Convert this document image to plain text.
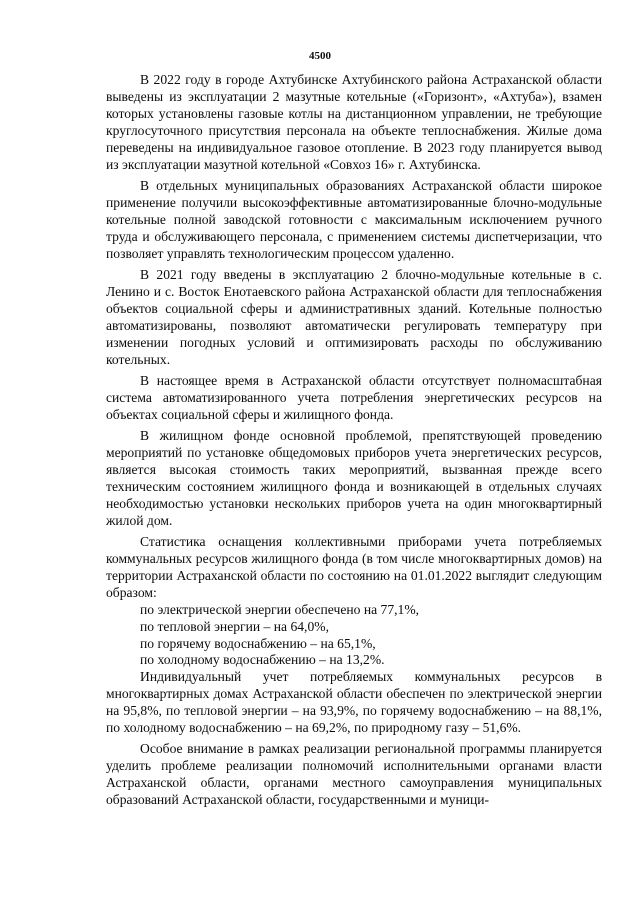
4500

В 2022 году в городе Ахтубинске Ахтубинского района Астраханской области выведены из эксплуатации 2 мазутные котельные («Горизонт», «Ахтуба»), взамен которых установлены газовые котлы на дистанционном управлении, не требующие круглосуточного присутствия персонала на объекте теплоснабжения. Жилые дома переведены на индивидуальное газовое отопление. В 2023 году планируется вывод из эксплуатации мазутной котельной «Совхоз 16» г. Ахтубинска.

В отдельных муниципальных образованиях Астраханской области широкое применение получили высокоэффективные автоматизированные блочно-модульные котельные полной заводской готовности с максимальным исключением ручного труда и обслуживающего персонала, с применением системы диспетчеризации, что позволяет управлять технологическим процессом удаленно.

В 2021 году введены в эксплуатацию 2 блочно-модульные котельные в с. Ленино и с. Восток Енотаевского района Астраханской области для теплоснабжения объектов социальной сферы и административных зданий. Котельные полностью автоматизированы, позволяют автоматически регулировать температуру при изменении погодных условий и оптимизировать расходы по обслуживанию котельных.

В настоящее время в Астраханской области отсутствует полномасштабная система автоматизированного учета потребления энергетических ресурсов на объектах социальной сферы и жилищного фонда.

В жилищном фонде основной проблемой, препятствующей проведению мероприятий по установке общедомовых приборов учета энергетических ресурсов, является высокая стоимость таких мероприятий, вызванная прежде всего техническим состоянием жилищного фонда и возникающей в отдельных случаях необходимостью установки нескольких приборов учета на один многоквартирный жилой дом.

Статистика оснащения коллективными приборами учета потребляемых коммунальных ресурсов жилищного фонда (в том числе многоквартирных домов) на территории Астраханской области по состоянию на 01.01.2022 выглядит следующим образом:

по электрической энергии обеспечено на 77,1%,

по тепловой энергии – на 64,0%,

по горячему водоснабжению – на 65,1%,

по холодному водоснабжению – на 13,2%.

Индивидуальный учет потребляемых коммунальных ресурсов в многоквартирных домах Астраханской области обеспечен по электрической энергии на 95,8%, по тепловой энергии – на 93,9%, по горячему водоснабжению – на 88,1%, по холодному водоснабжению – на 69,2%, по природному газу – 51,6%.

Особое внимание в рамках реализации региональной программы планируется уделить проблеме реализации полномочий исполнительными органами власти Астраханской области, органами местного самоуправления муниципальных образований Астраханской области, государственными и муници-
